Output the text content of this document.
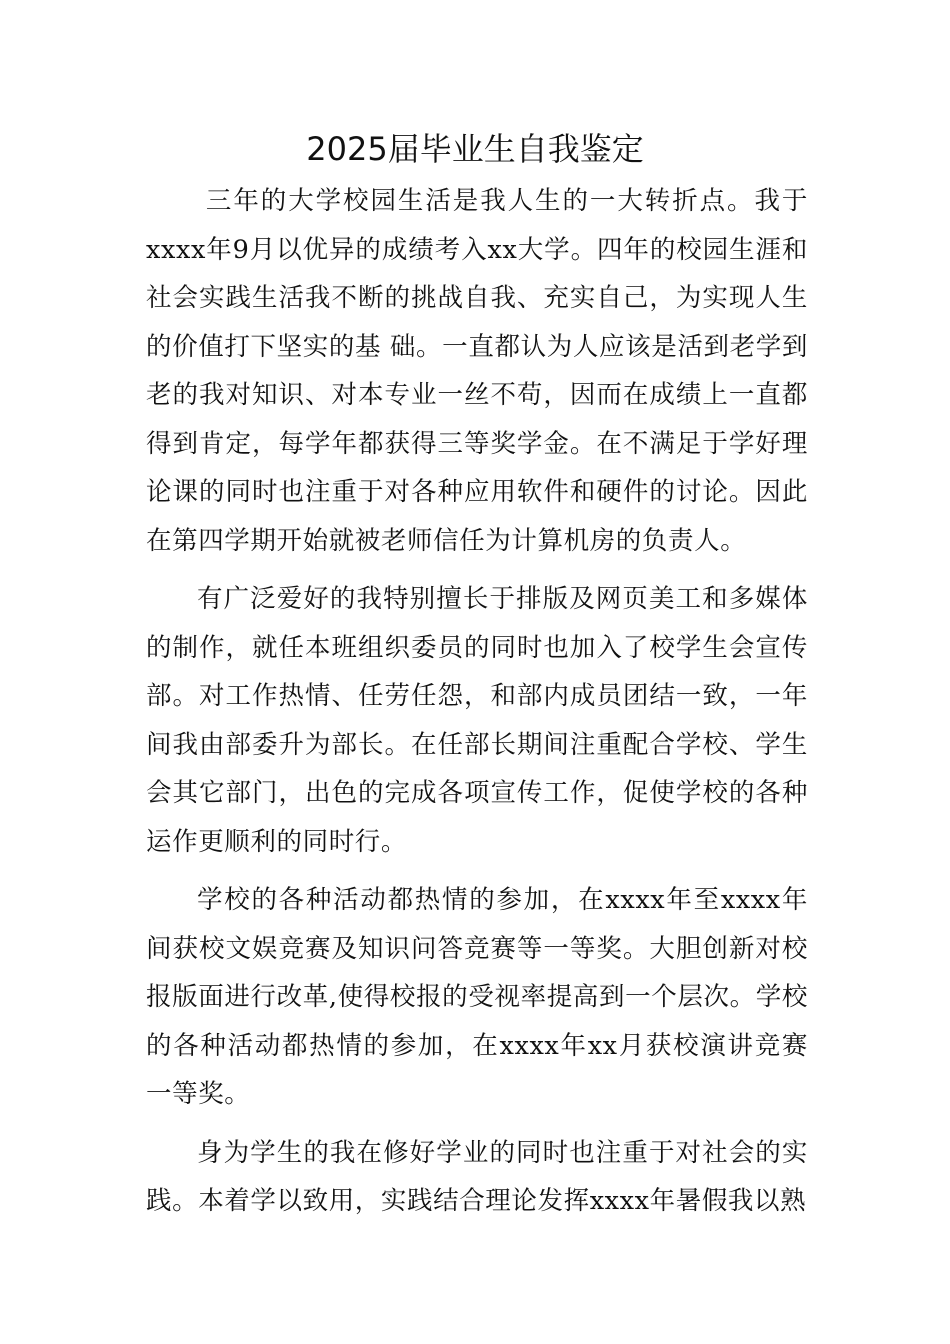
2025届毕业生自我鉴定

三年的大学校园生活是我人生的一大转折点。我于xxxx年9月以优异的成绩考入xx大学。四年的校园生涯和社会实践生活我不断的挑战自我、充实自己，为实现人生的价值打下坚实的基 础。一直都认为人应该是活到老学到老的我对知识、对本专业一丝不苟，因而在成绩上一直都得到肯定，每学年都获得三等奖学金。在不满足于学好理论课的同时也注重于对各种应用软件和硬件的讨论。因此在第四学期开始就被老师信任为计算机房的负责人。

有广泛爱好的我特别擅长于排版及网页美工和多媒体的制作，就任本班组织委员的同时也加入了校学生会宣传部。对工作热情、任劳任怨，和部内成员团结一致，一年间我由部委升为部长。在任部长期间注重配合学校、学生会其它部门，出色的完成各项宣传工作，促使学校的各种运作更顺利的同时行。

学校的各种活动都热情的参加，在xxxx年至xxxx年间获校文娱竞赛及知识问答竞赛等一等奖。大胆创新对校报版面进行改革,使得校报的受视率提高到一个层次。学校的各种活动都热情的参加，在xxxx年xx月获校演讲竞赛一等奖。

身为学生的我在修好学业的同时也注重于对社会的实践。本着学以致用，实践结合理论发挥xxxx年暑假我以熟
